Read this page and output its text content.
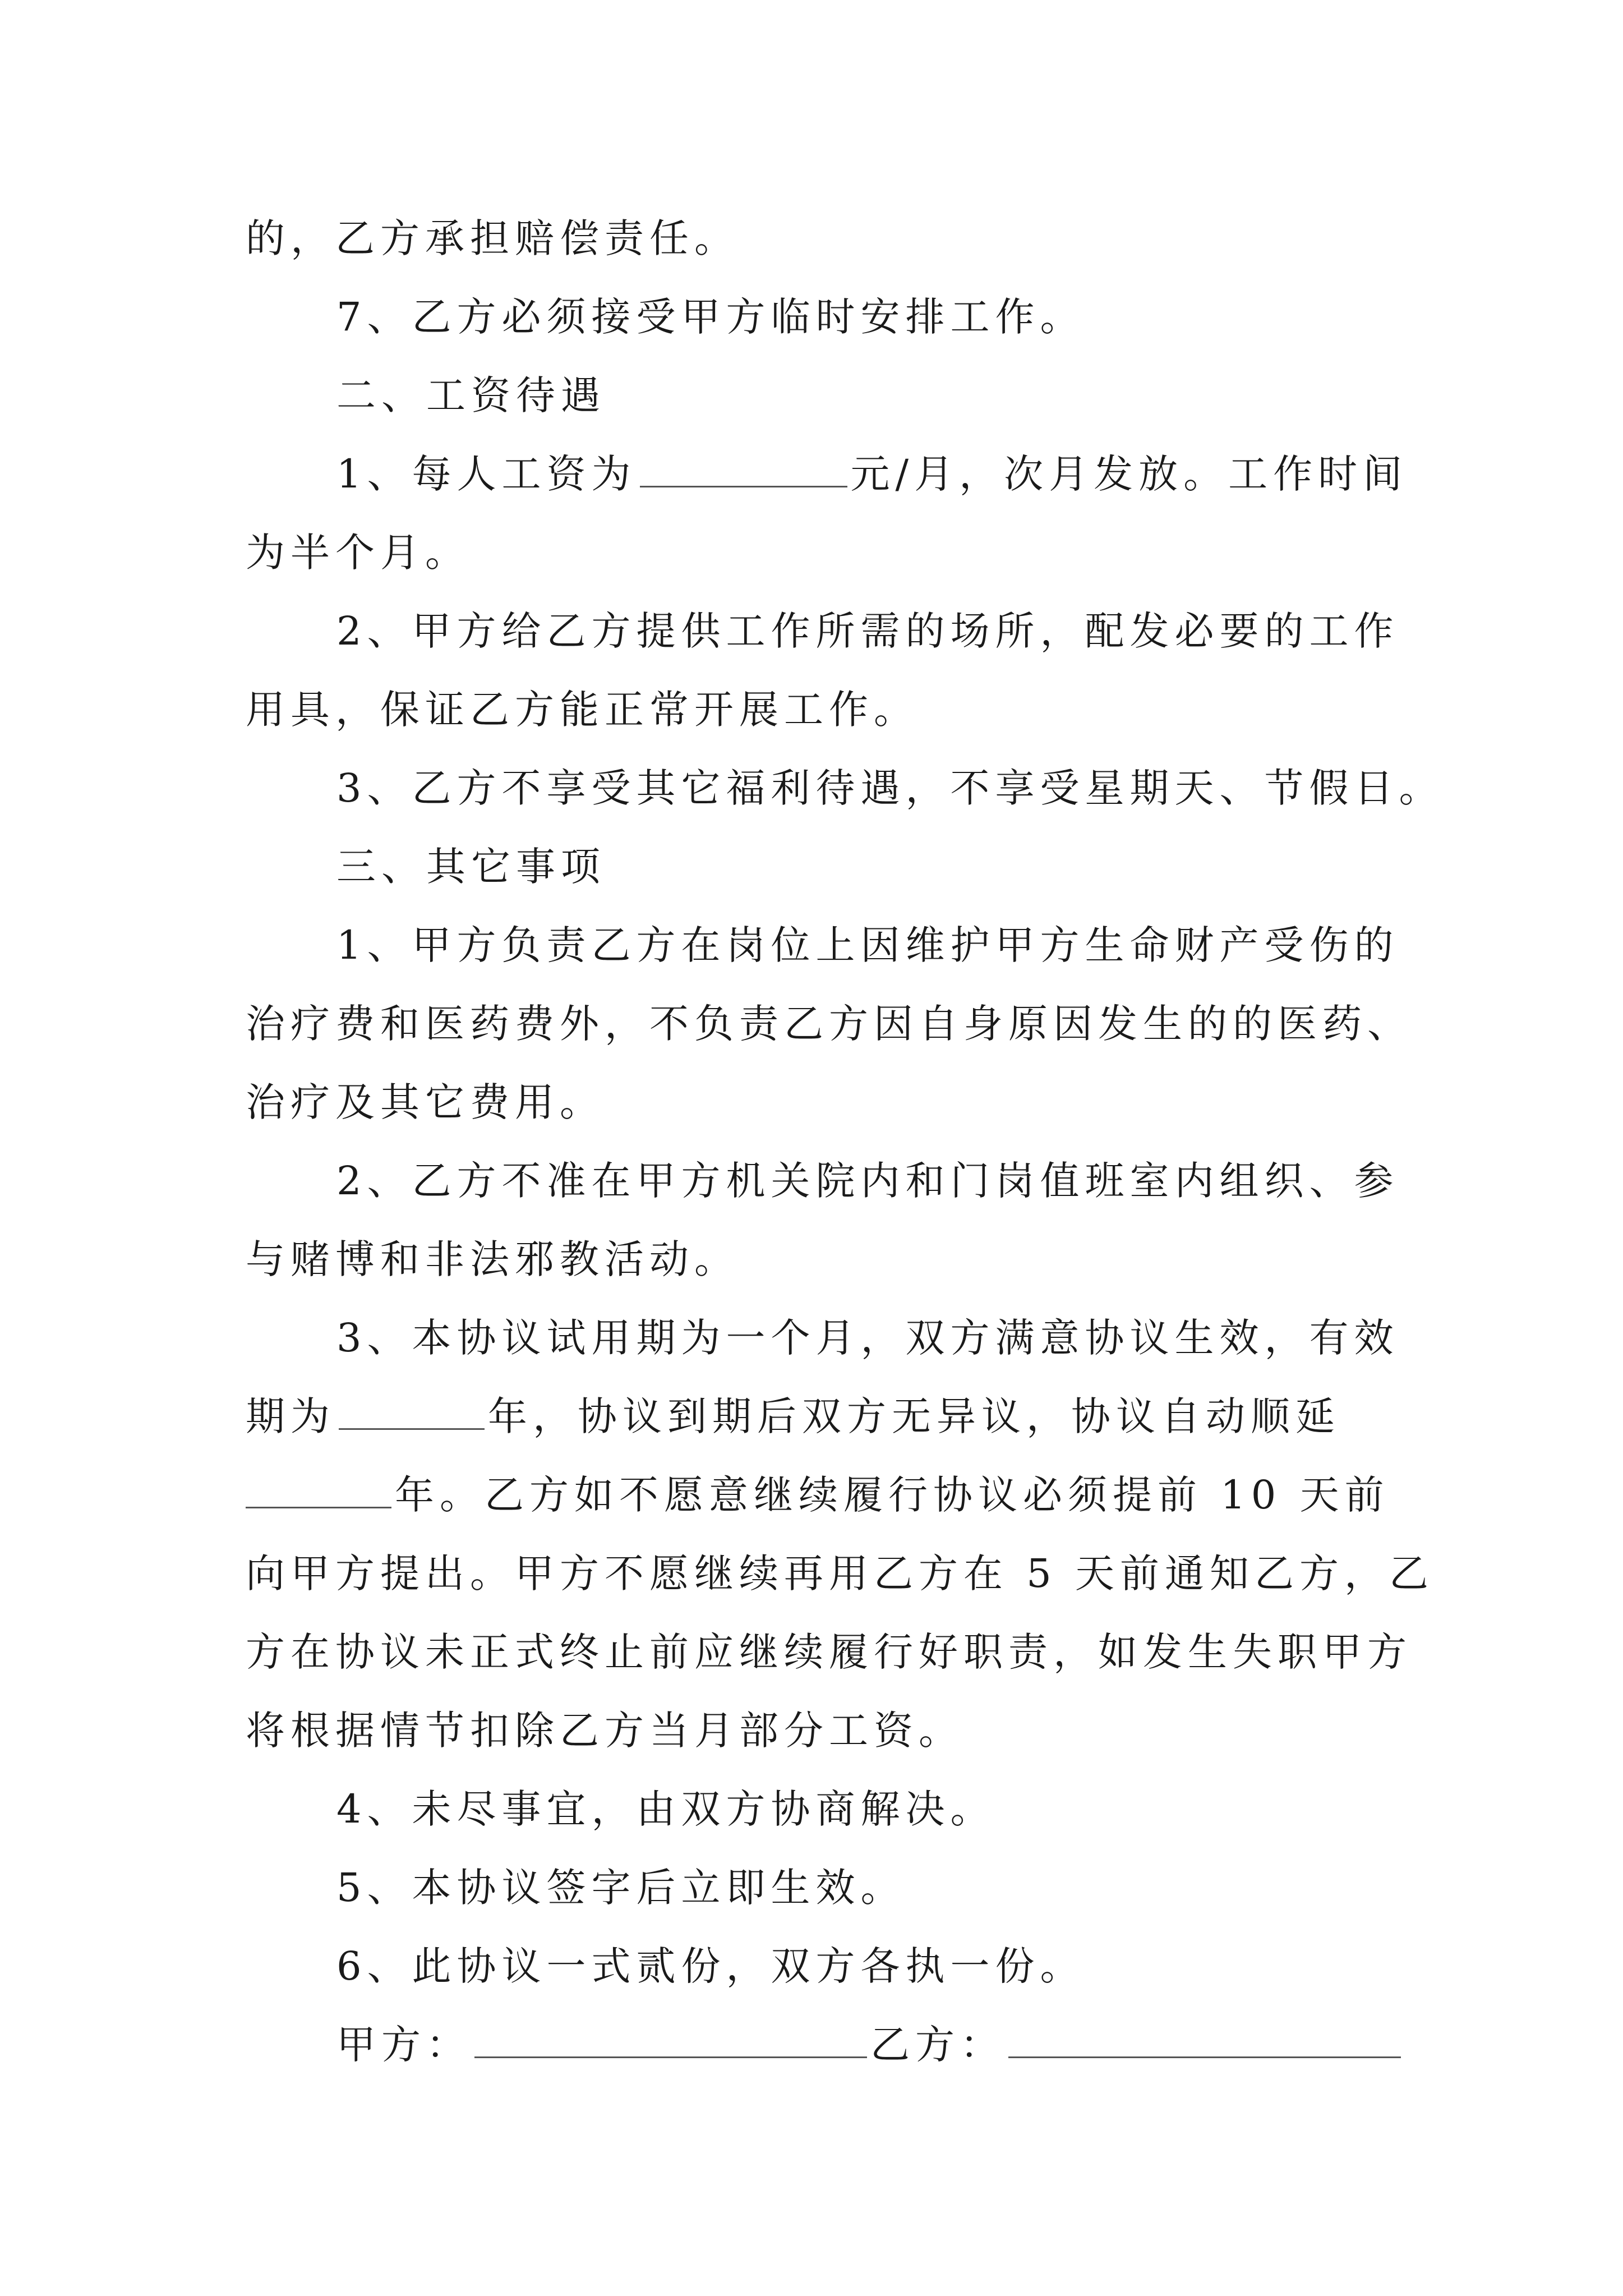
的，乙方承担赔偿责任。
7、乙方必须接受甲方临时安排工作。
二、工资待遇
1、每人工资为	元/月，次月发放。工作时间
为半个月。
2、甲方给乙方提供工作所需的场所，配发必要的工作
用具，保证乙方能正常开展工作。
3、乙方不享受其它福利待遇，不享受星期天、节假日。
三、其它事项
1、甲方负责乙方在岗位上因维护甲方生命财产受伤的
治疗费和医药费外，不负责乙方因自身原因发生的的医药、
治疗及其它费用。
2、乙方不准在甲方机关院内和门岗值班室内组织、参
与赌博和非法邪教活动。
3、本协议试用期为一个月，双方满意协议生效，有效
期为	年，协议到期后双方无异议，协议自动顺延
年。乙方如不愿意继续履行协议必须提前 10 天前
向甲方提出。甲方不愿继续再用乙方在 5 天前通知乙方，乙
方在协议未正式终止前应继续履行好职责，如发生失职甲方
将根据情节扣除乙方当月部分工资。
4、未尽事宜，由双方协商解决。
5、本协议签字后立即生效。
6、此协议一式贰份，双方各执一份。
甲方：	乙方：
